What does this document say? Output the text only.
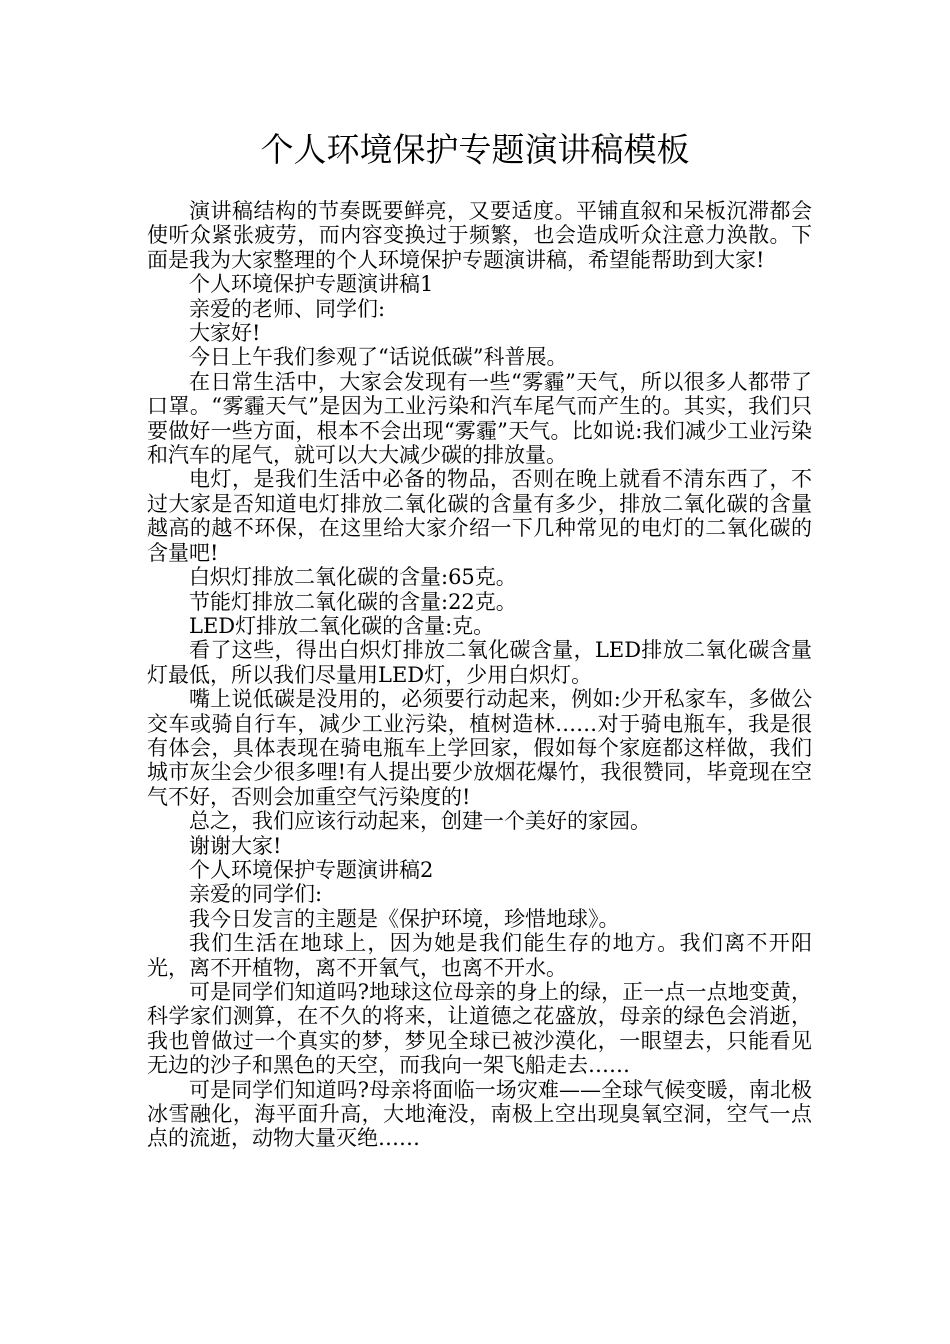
个人环境保护专题演讲稿模板

演讲稿结构的节奏既要鲜亮，又要适度。平铺直叙和呆板沉滞都会使听众紧张疲劳，而内容变换过于频繁，也会造成听众注意力涣散。下面是我为大家整理的个人环境保护专题演讲稿，希望能帮助到大家!

个人环境保护专题演讲稿1

亲爱的老师、同学们:

大家好!

今日上午我们参观了“话说低碳”科普展。

在日常生活中，大家会发现有一些“雾霾”天气，所以很多人都带了口罩。“雾霾天气”是因为工业污染和汽车尾气而产生的。其实，我们只要做好一些方面，根本不会出现“雾霾”天气。比如说:我们减少工业污染和汽车的尾气，就可以大大减少碳的排放量。

电灯，是我们生活中必备的物品，否则在晚上就看不清东西了，不过大家是否知道电灯排放二氧化碳的含量有多少，排放二氧化碳的含量越高的越不环保，在这里给大家介绍一下几种常见的电灯的二氧化碳的含量吧!

白炽灯排放二氧化碳的含量:65克。

节能灯排放二氧化碳的含量:22克。

LED灯排放二氧化碳的含量:克。

看了这些，得出白炽灯排放二氧化碳含量，LED排放二氧化碳含量灯最低，所以我们尽量用LED灯，少用白炽灯。

嘴上说低碳是没用的，必须要行动起来，例如:少开私家车，多做公交车或骑自行车，减少工业污染，植树造林……对于骑电瓶车，我是很有体会，具体表现在骑电瓶车上学回家，假如每个家庭都这样做，我们城市灰尘会少很多哩!有人提出要少放烟花爆竹，我很赞同，毕竟现在空气不好，否则会加重空气污染度的!

总之，我们应该行动起来，创建一个美好的家园。

谢谢大家!

个人环境保护专题演讲稿2

亲爱的同学们:

我今日发言的主题是《保护环境，珍惜地球》。

我们生活在地球上，因为她是我们能生存的地方。我们离不开阳光，离不开植物，离不开氧气，也离不开水。

可是同学们知道吗?地球这位母亲的身上的绿，正一点一点地变黄，科学家们测算，在不久的将来，让道德之花盛放，母亲的绿色会消逝，我也曾做过一个真实的梦，梦见全球已被沙漠化，一眼望去，只能看见无边的沙子和黑色的天空，而我向一架飞船走去……

可是同学们知道吗?母亲将面临一场灾难——全球气候变暖，南北极冰雪融化，海平面升高，大地淹没，南极上空出现臭氧空洞，空气一点点的流逝，动物大量灭绝……
